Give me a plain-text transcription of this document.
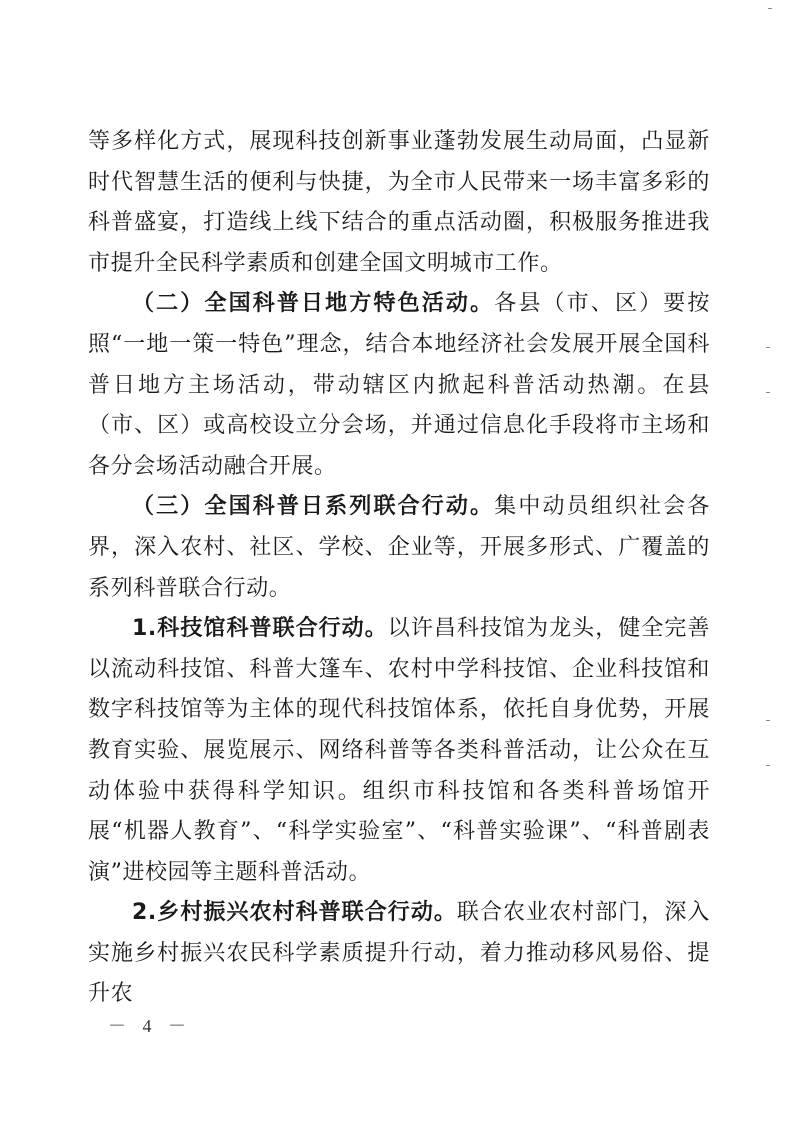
等多样化方式，展现科技创新事业蓬勃发展生动局面，凸显新时代智慧生活的便利与快捷，为全市人民带来一场丰富多彩的科普盛宴，打造线上线下结合的重点活动圈，积极服务推进我市提升全民科学素质和创建全国文明城市工作。

（二）全国科普日地方特色活动。各县（市、区）要按照“一地一策一特色”理念，结合本地经济社会发展开展全国科普日地方主场活动，带动辖区内掀起科普活动热潮。在县（市、区）或高校设立分会场，并通过信息化手段将市主场和各分会场活动融合开展。

（三）全国科普日系列联合行动。集中动员组织社会各界，深入农村、社区、学校、企业等，开展多形式、广覆盖的系列科普联合行动。

1.科技馆科普联合行动。以许昌科技馆为龙头，健全完善以流动科技馆、科普大篷车、农村中学科技馆、企业科技馆和数字科技馆等为主体的现代科技馆体系，依托自身优势，开展教育实验、展览展示、网络科普等各类科普活动，让公众在互动体验中获得科学知识。组织市科技馆和各类科普场馆开展“机器人教育”、“科学实验室”、“科普实验课”、“科普剧表演”进校园等主题科普活动。

2.乡村振兴农村科普联合行动。联合农业农村部门，深入实施乡村振兴农民科学素质提升行动，着力推动移风易俗、提升农

－ 4 －
